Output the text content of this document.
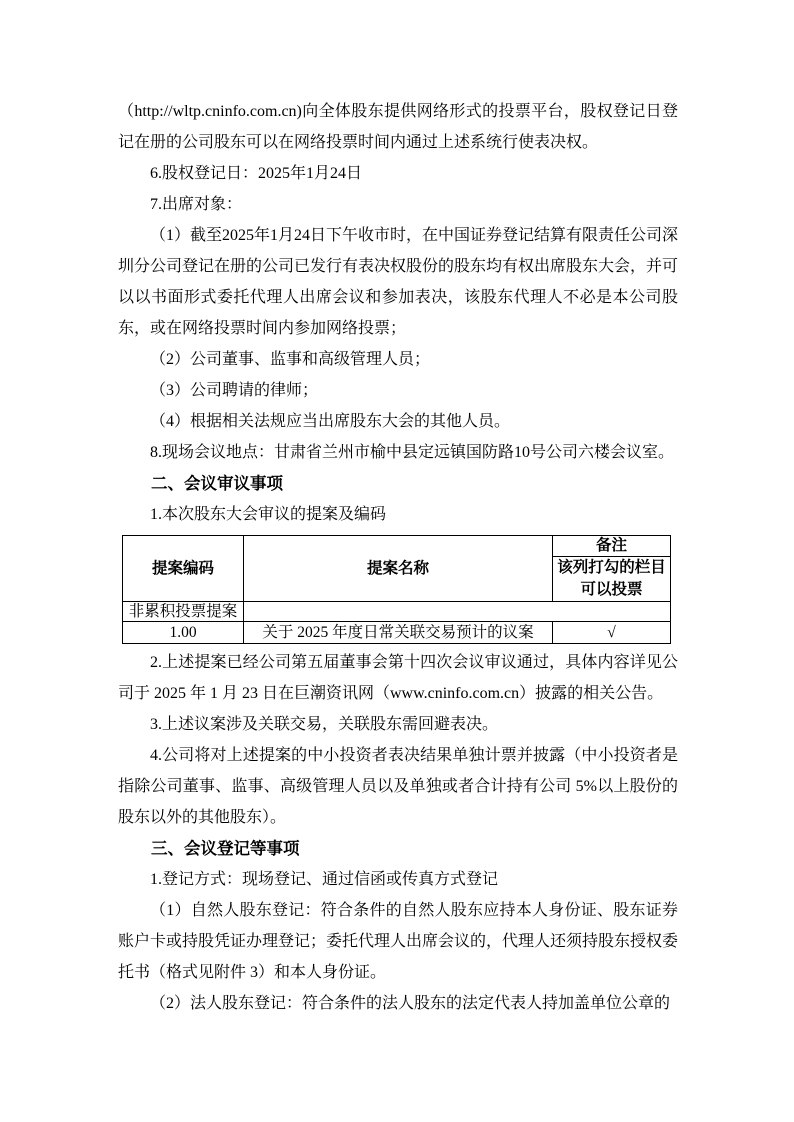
（http://wltp.cninfo.com.cn)向全体股东提供网络形式的投票平台，股权登记日登记在册的公司股东可以在网络投票时间内通过上述系统行使表决权。

6.股权登记日：2025年1月24日

7.出席对象：

（1）截至2025年1月24日下午收市时，在中国证券登记结算有限责任公司深圳分公司登记在册的公司已发行有表决权股份的股东均有权出席股东大会，并可以以书面形式委托代理人出席会议和参加表决，该股东代理人不必是本公司股东，或在网络投票时间内参加网络投票；

（2）公司董事、监事和高级管理人员；

（3）公司聘请的律师；

（4）根据相关法规应当出席股东大会的其他人员。

8.现场会议地点：甘肃省兰州市榆中县定远镇国防路10号公司六楼会议室。

二、会议审议事项

1.本次股东大会审议的提案及编码

提案编码	提案名称	备注
		该列打勾的栏目可以投票
非累积投票提案		
1.00	关于 2025 年度日常关联交易预计的议案	√

2.上述提案已经公司第五届董事会第十四次会议审议通过，具体内容详见公司于 2025 年 1 月 23 日在巨潮资讯网（www.cninfo.com.cn）披露的相关公告。

3.上述议案涉及关联交易，关联股东需回避表决。

4.公司将对上述提案的中小投资者表决结果单独计票并披露（中小投资者是指除公司董事、监事、高级管理人员以及单独或者合计持有公司 5%以上股份的股东以外的其他股东）。

三、会议登记等事项

1.登记方式：现场登记、通过信函或传真方式登记

（1）自然人股东登记：符合条件的自然人股东应持本人身份证、股东证券账户卡或持股凭证办理登记；委托代理人出席会议的，代理人还须持股东授权委托书（格式见附件 3）和本人身份证。

（2）法人股东登记：符合条件的法人股东的法定代表人持加盖单位公章的
